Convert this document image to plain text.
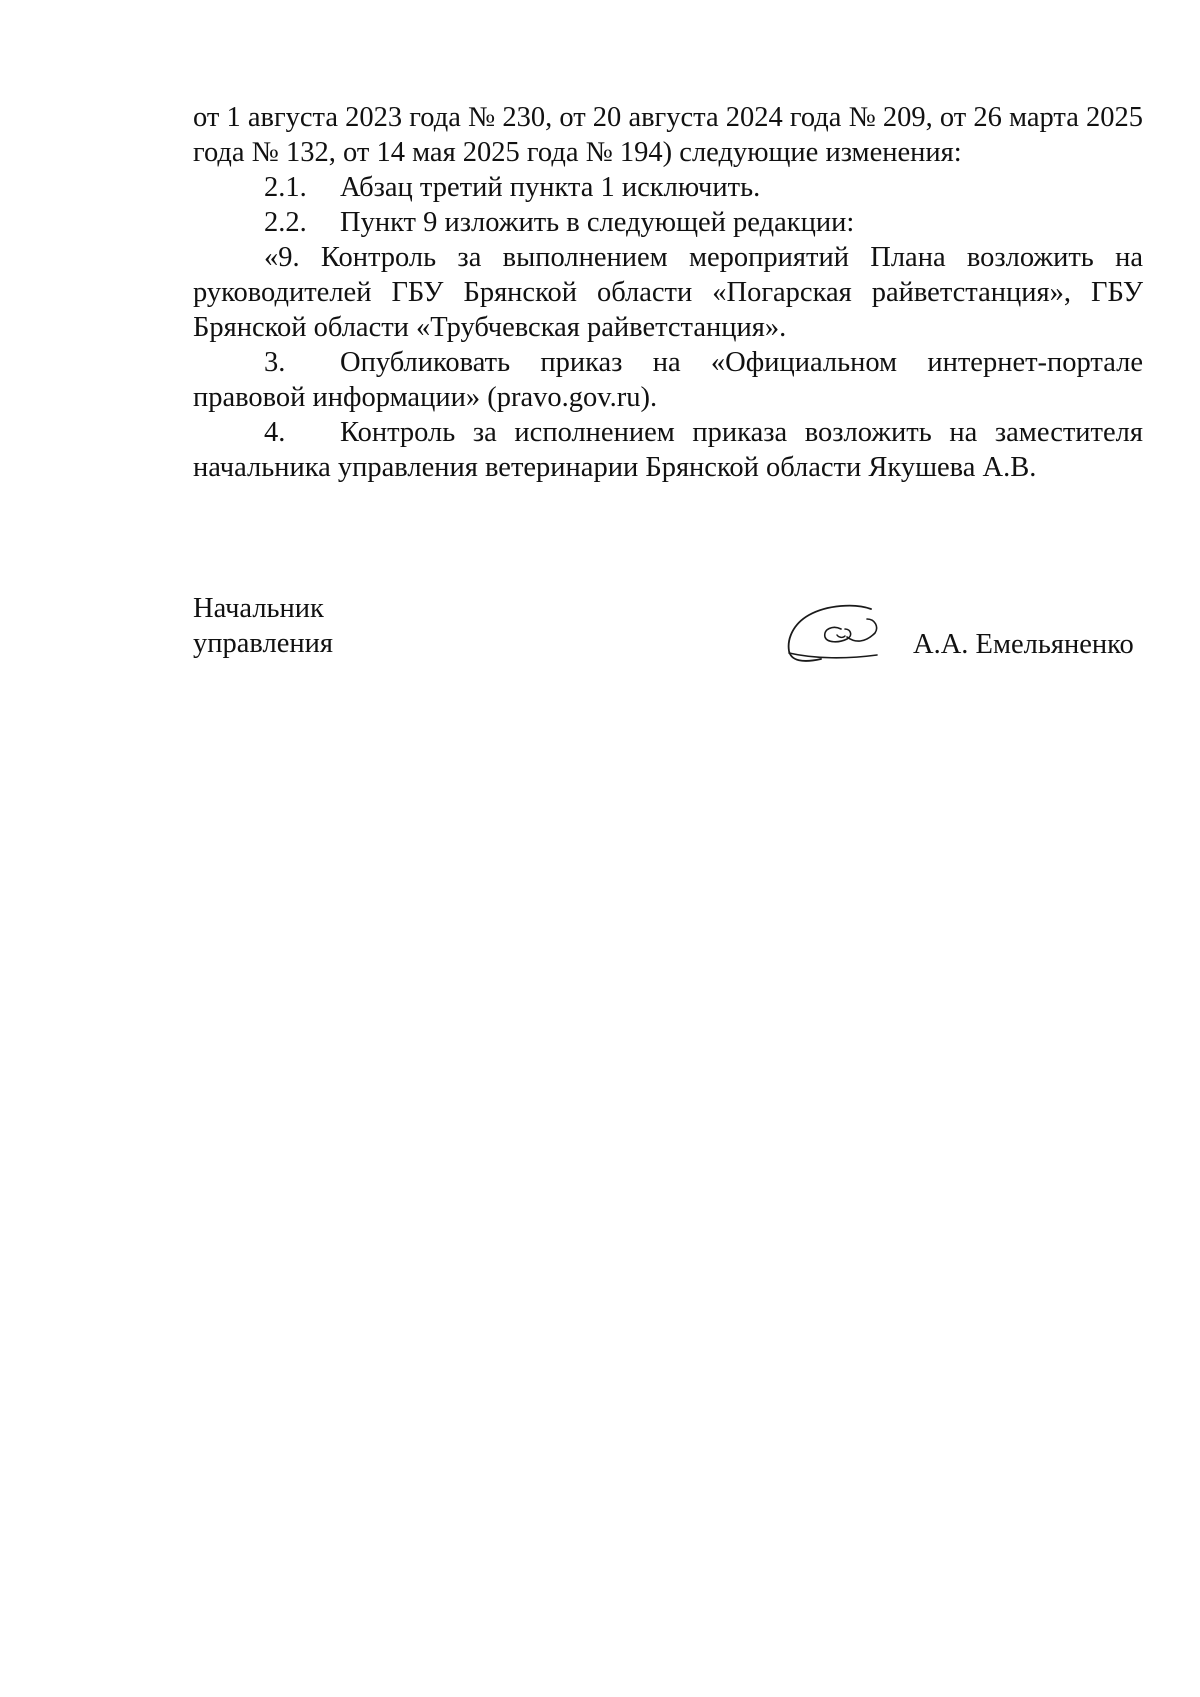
от 1 августа 2023 года № 230, от 20 августа 2024 года № 209, от 26 марта 2025 года № 132, от 14 мая 2025 года № 194) следующие изменения:

2.1. Абзац третий пункта 1 исключить.

2.2. Пункт 9 изложить в следующей редакции:

«9. Контроль за выполнением мероприятий Плана возложить на руководителей ГБУ Брянской области «Погарская райветстанция», ГБУ Брянской области «Трубчевская райветстанция».

3. Опубликовать приказ на «Официальном интернет-портале правовой информации» (pravo.gov.ru).

4. Контроль за исполнением приказа возложить на заместителя начальника управления ветеринарии Брянской области Якушева А.В.

Начальник
управления	А.А. Емельяненко
